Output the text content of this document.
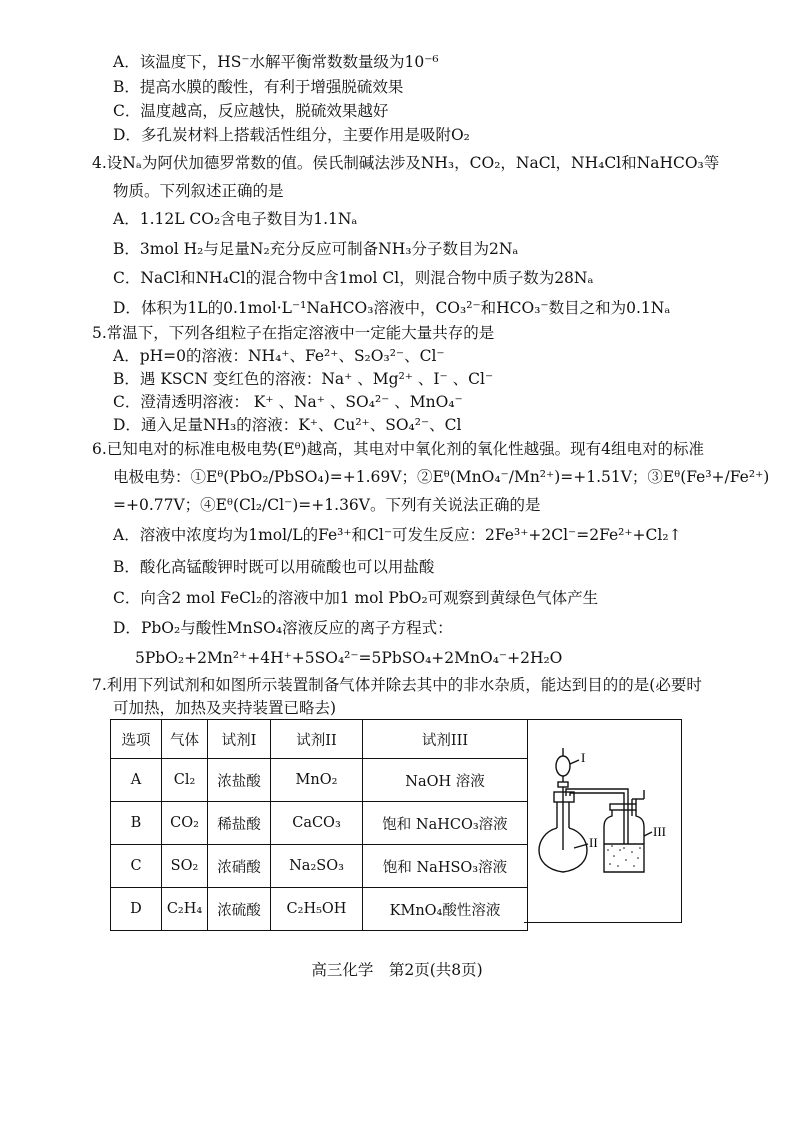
A．该温度下，HS⁻水解平衡常数数量级为10⁻⁶
B．提高水膜的酸性，有利于增强脱硫效果
C．温度越高，反应越快，脱硫效果越好
D．多孔炭材料上搭载活性组分，主要作用是吸附O₂
4.设Nₐ为阿伏加德罗常数的值。侯氏制碱法涉及NH₃，CO₂，NaCl，NH₄Cl和NaHCO₃等
物质。下列叙述正确的是
A．1.12L CO₂含电子数目为1.1Nₐ
B．3mol H₂与足量N₂充分反应可制备NH₃分子数目为2Nₐ
C．NaCl和NH₄Cl的混合物中含1mol Cl，则混合物中质子数为28Nₐ
D．体积为1L的0.1mol·L⁻¹NaHCO₃溶液中，CO₃²⁻和HCO₃⁻数目之和为0.1Nₐ
5.常温下，下列各组粒子在指定溶液中一定能大量共存的是
A．pH=0的溶液：NH₄⁺、Fe²⁺、S₂O₃²⁻、Cl⁻
B．遇 KSCN 变红色的溶液：Na⁺ 、Mg²⁺ 、I⁻ 、Cl⁻
C．澄清透明溶液： K⁺ 、Na⁺ 、SO₄²⁻ 、MnO₄⁻
D．通入足量NH₃的溶液：K⁺、Cu²⁺、SO₄²⁻、Cl
6.已知电对的标准电极电势(Eᶿ)越高，其电对中氧化剂的氧化性越强。现有4组电对的标准
电极电势：①Eᶿ(PbO₂/PbSO₄)=+1.69V；②Eᶿ(MnO₄⁻/Mn²⁺)=+1.51V；③Eᶿ(Fe³+/Fe²⁺)
=+0.77V；④Eᶿ(Cl₂/Cl⁻)=+1.36V。下列有关说法正确的是
A．溶液中浓度均为1mol/L的Fe³⁺和Cl⁻可发生反应：2Fe³⁺+2Cl⁻=2Fe²⁺+Cl₂↑
B．酸化高锰酸钾时既可以用硫酸也可以用盐酸
C．向含2 mol FeCl₂的溶液中加1 mol PbO₂可观察到黄绿色气体产生
D．PbO₂与酸性MnSO₄溶液反应的离子方程式：
5PbO₂+2Mn²⁺+4H⁺+5SO₄²⁻=5PbSO₄+2MnO₄⁻+2H₂O
7.利用下列试剂和如图所示装置制备气体并除去其中的非水杂质，能达到目的的是(必要时
可加热，加热及夹持装置已略去)
选项	气体	试剂I	试剂II	试剂III
A	Cl₂	浓盐酸	MnO₂	NaOH 溶液
B	CO₂	稀盐酸	CaCO₃	饱和 NaHCO₃溶液
C	SO₂	浓硝酸	Na₂SO₃	饱和 NaHSO₃溶液
D	C₂H₄	浓硫酸	C₂H₅OH	KMnO₄酸性溶液
I
II
III
高三化学　第2页(共8页)
